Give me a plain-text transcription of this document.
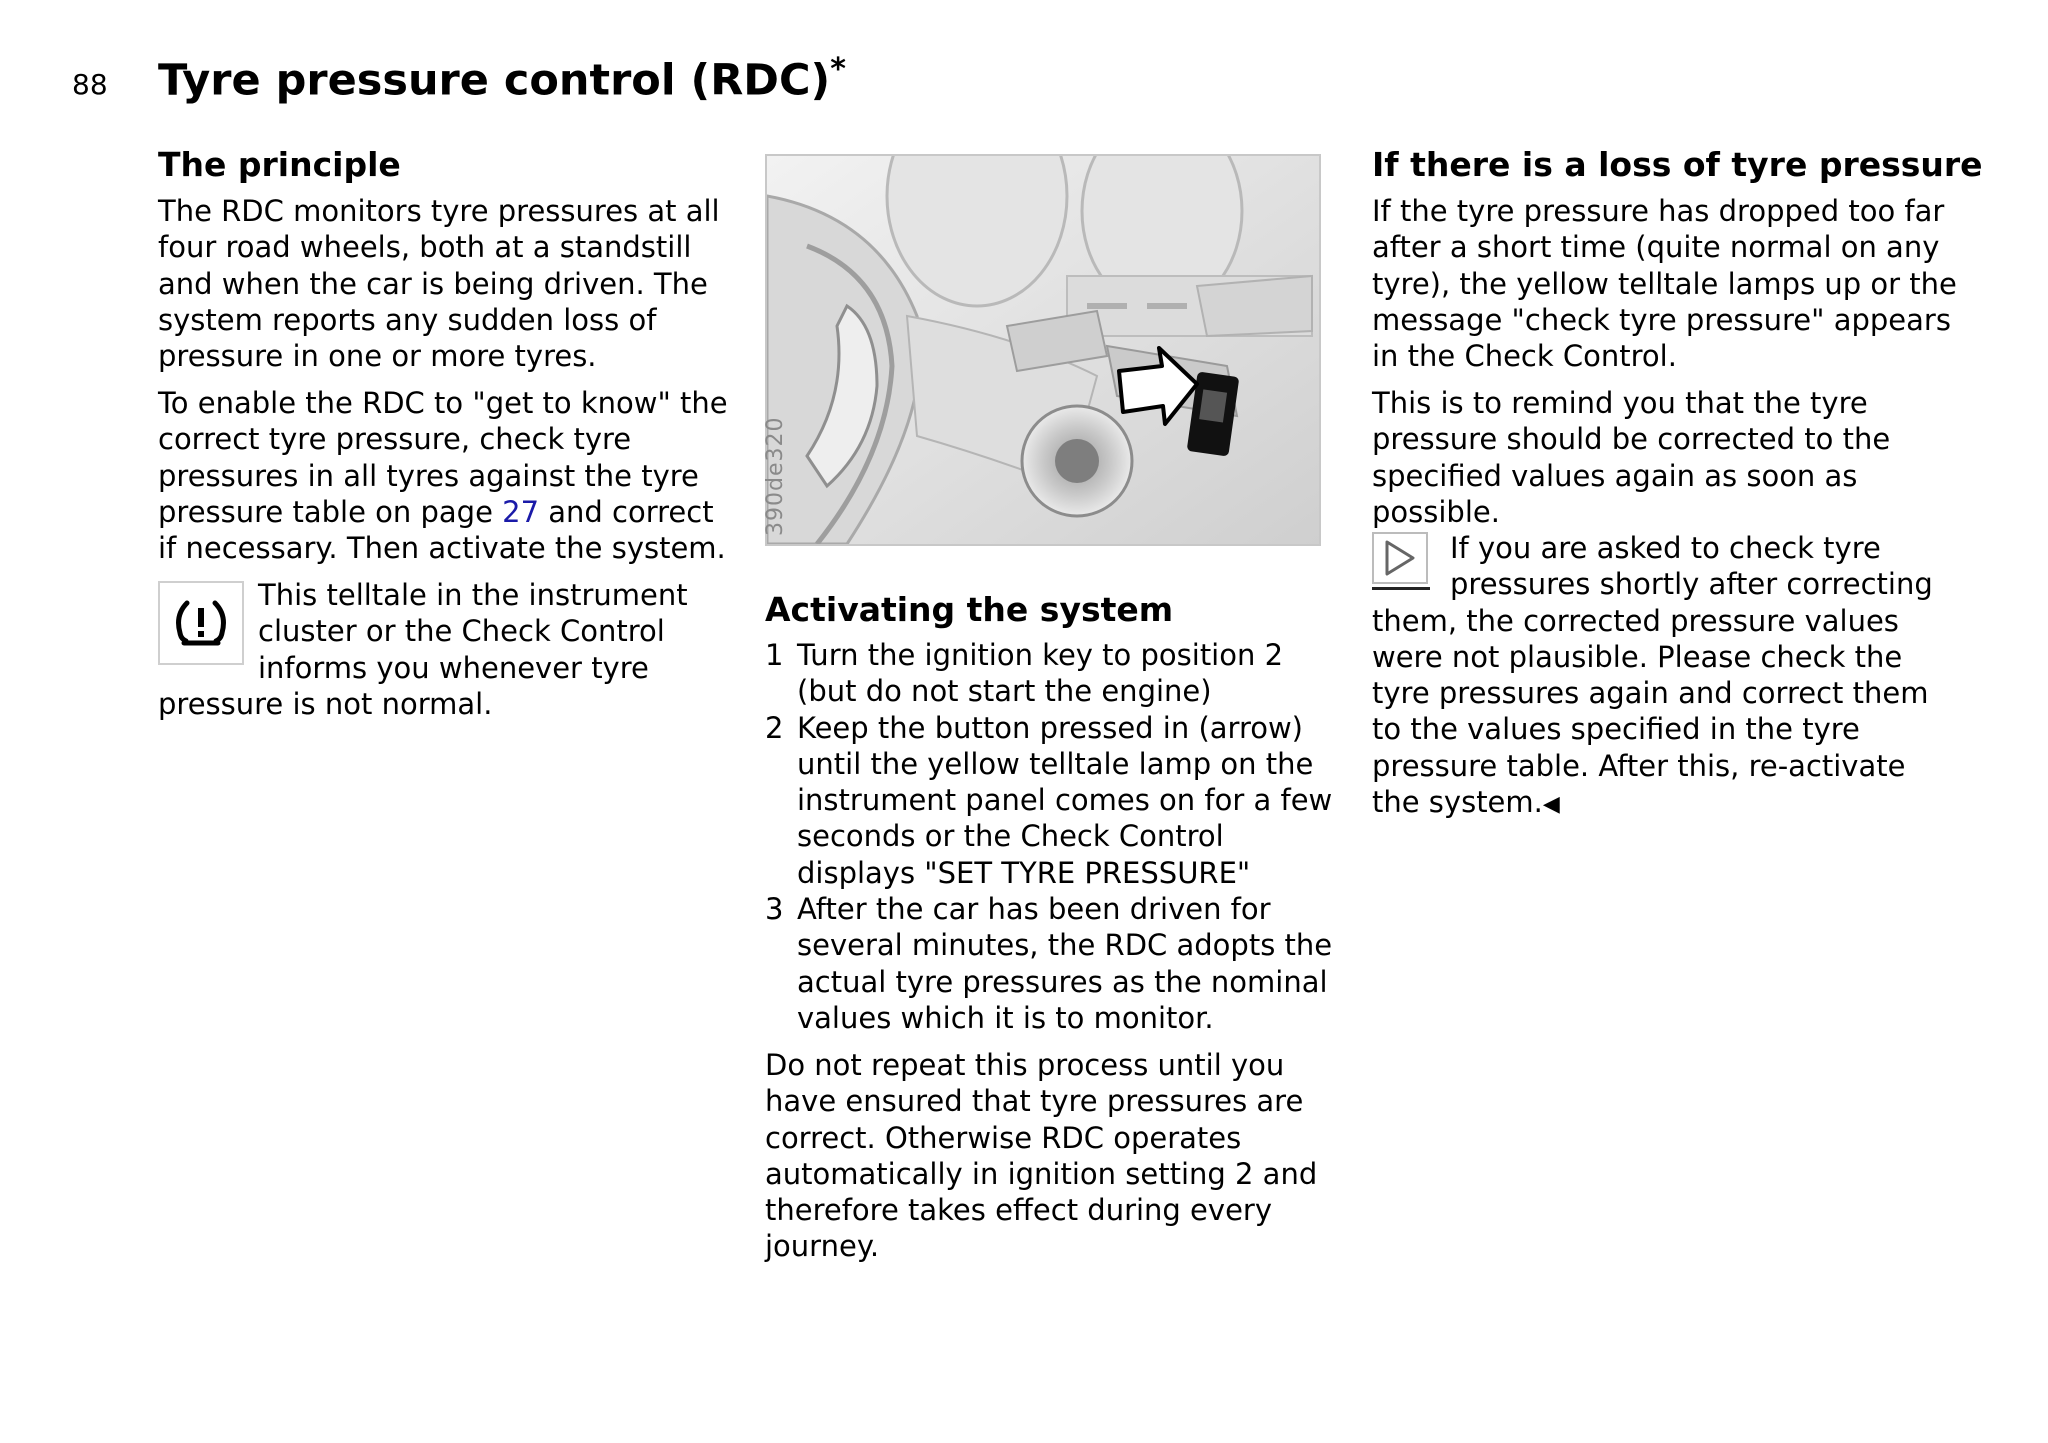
88 Tyre pressure control (RDC)*
The principle

The RDC monitors tyre pressures at all four road wheels, both at a standstill and when the car is being driven. The system reports any sudden loss of pressure in one or more tyres.

To enable the RDC to "get to know" the correct tyre pressure, check tyre pressures in all tyres against the tyre pressure table on page 27 and correct if necessary. Then activate the system.

This telltale in the instrument cluster or the Check Control informs you whenever tyre pressure is not normal.

390de320
Activating the system
1 Turn the ignition key to position 2 (but do not start the engine)
2 Keep the button pressed in (arrow) until the yellow telltale lamp on the instrument panel comes on for a few seconds or the Check Control displays "SET TYRE PRESSURE"
3 After the car has been driven for several minutes, the RDC adopts the actual tyre pressures as the nominal values which it is to monitor.

Do not repeat this process until you have ensured that tyre pressures are correct. Otherwise RDC operates automatically in ignition setting 2 and therefore takes effect during every journey.

If there is a loss of tyre pressure

If the tyre pressure has dropped too far after a short time (quite normal on any tyre), the yellow telltale lamps up or the message "check tyre pressure" appears in the Check Control.

This is to remind you that the tyre pressure should be corrected to the specified values again as soon as possible.

If you are asked to check tyre pressures shortly after correcting them, the corrected pressure values were not plausible. Please check the tyre pressures again and correct them to the values specified in the tyre pressure table. After this, re-activate the system.◀
